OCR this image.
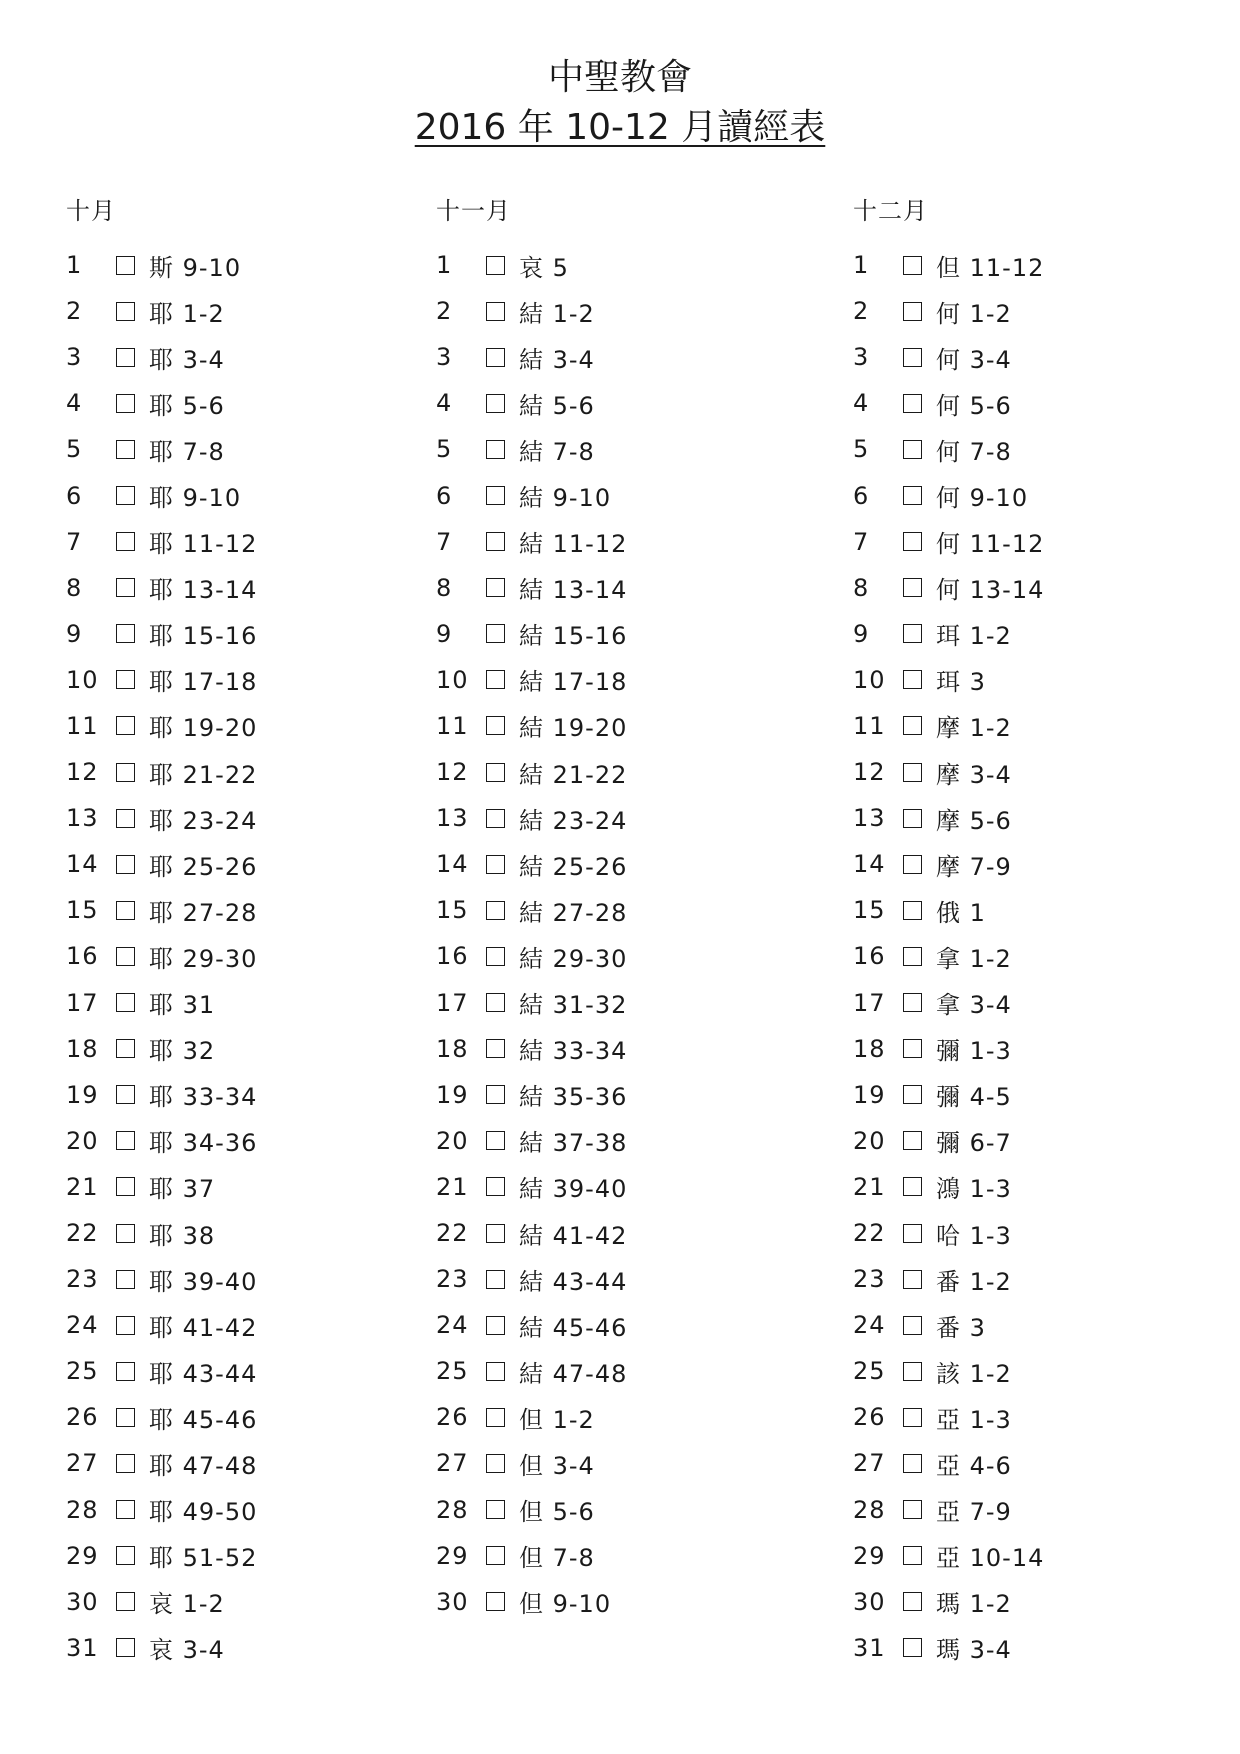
中聖教會
2016 年 10-12 月讀經表
十月
1	斯 9-10
2	耶 1-2
3	耶 3-4
4	耶 5-6
5	耶 7-8
6	耶 9-10
7	耶 11-12
8	耶 13-14
9	耶 15-16
10	耶 17-18
11	耶 19-20
12	耶 21-22
13	耶 23-24
14	耶 25-26
15	耶 27-28
16	耶 29-30
17	耶 31
18	耶 32
19	耶 33-34
20	耶 34-36
21	耶 37
22	耶 38
23	耶 39-40
24	耶 41-42
25	耶 43-44
26	耶 45-46
27	耶 47-48
28	耶 49-50
29	耶 51-52
30	哀 1-2
31	哀 3-4
十一月
1	哀 5
2	結 1-2
3	結 3-4
4	結 5-6
5	結 7-8
6	結 9-10
7	結 11-12
8	結 13-14
9	結 15-16
10	結 17-18
11	結 19-20
12	結 21-22
13	結 23-24
14	結 25-26
15	結 27-28
16	結 29-30
17	結 31-32
18	結 33-34
19	結 35-36
20	結 37-38
21	結 39-40
22	結 41-42
23	結 43-44
24	結 45-46
25	結 47-48
26	但 1-2
27	但 3-4
28	但 5-6
29	但 7-8
30	但 9-10
十二月
1	但 11-12
2	何 1-2
3	何 3-4
4	何 5-6
5	何 7-8
6	何 9-10
7	何 11-12
8	何 13-14
9	珥 1-2
10	珥 3
11	摩 1-2
12	摩 3-4
13	摩 5-6
14	摩 7-9
15	俄 1
16	拿 1-2
17	拿 3-4
18	彌 1-3
19	彌 4-5
20	彌 6-7
21	鴻 1-3
22	哈 1-3
23	番 1-2
24	番 3
25	該 1-2
26	亞 1-3
27	亞 4-6
28	亞 7-9
29	亞 10-14
30	瑪 1-2
31	瑪 3-4
